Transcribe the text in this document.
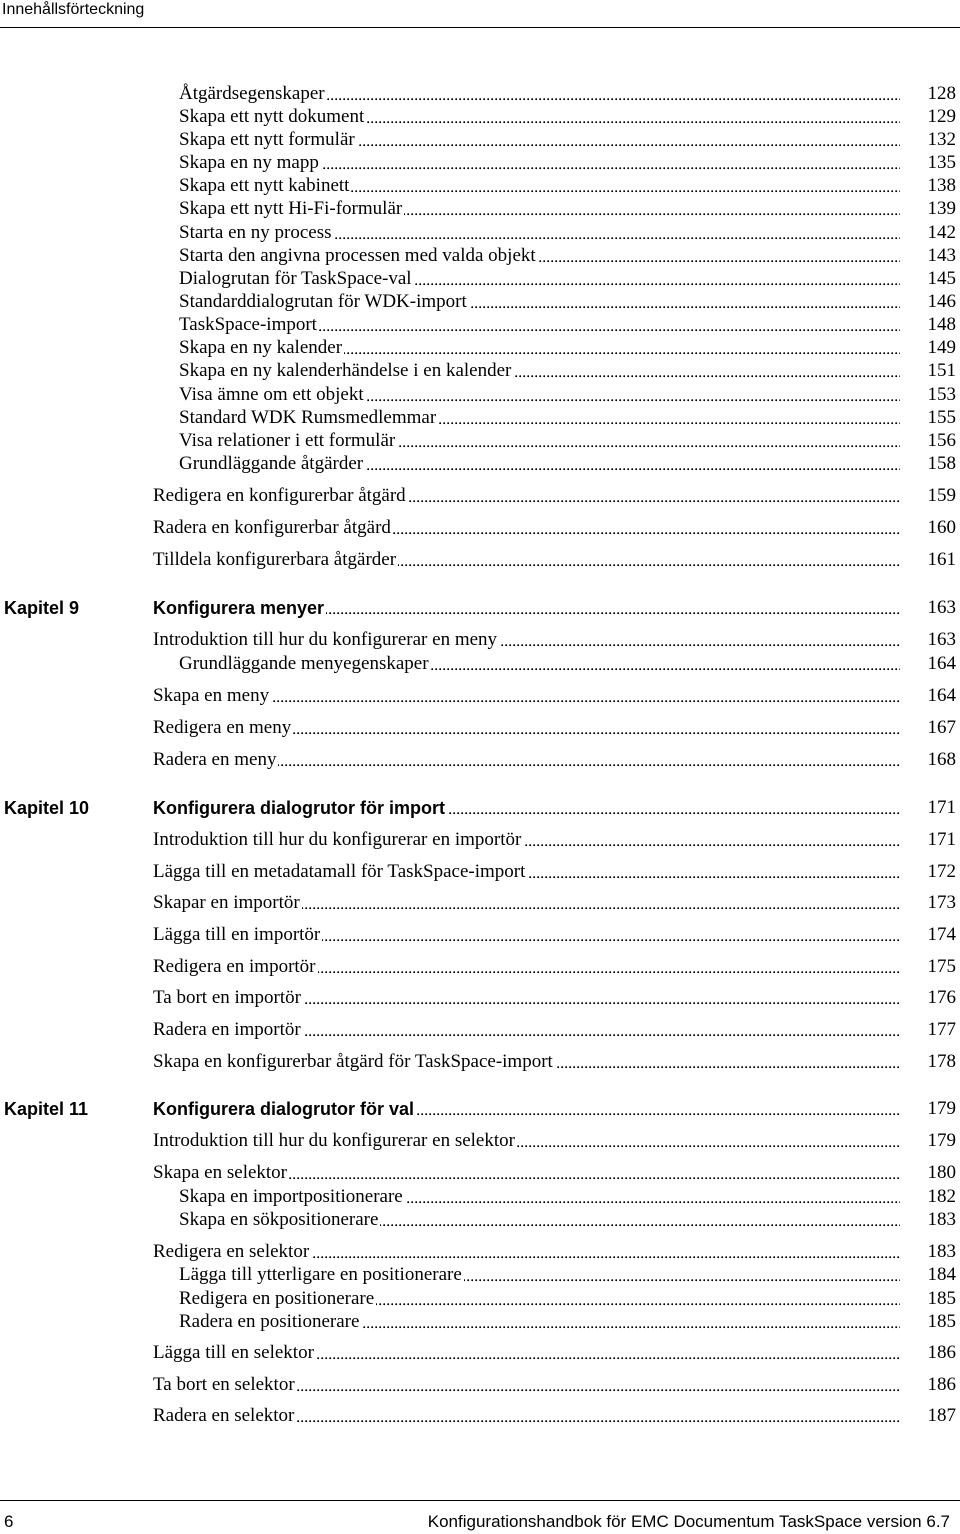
Innehållsförteckning
Åtgärdsegenskaper	128
Skapa ett nytt dokument	129
Skapa ett nytt formulär	132
Skapa en ny mapp	135
Skapa ett nytt kabinett	138
Skapa ett nytt Hi-Fi-formulär	139
Starta en ny process	142
Starta den angivna processen med valda objekt	143
Dialogrutan för TaskSpace-val	145
Standarddialogrutan för WDK-import	146
TaskSpace-import	148
Skapa en ny kalender	149
Skapa en ny kalenderhändelse i en kalender	151
Visa ämne om ett objekt	153
Standard WDK Rumsmedlemmar	155
Visa relationer i ett formulär	156
Grundläggande åtgärder	158
Redigera en konfigurerbar åtgärd	159
Radera en konfigurerbar åtgärd	160
Tilldela konfigurerbara åtgärder	161
Kapitel 9	Konfigurera menyer	163
Introduktion till hur du konfigurerar en meny	163
Grundläggande menyegenskaper	164
Skapa en meny	164
Redigera en meny	167
Radera en meny	168
Kapitel 10	Konfigurera dialogrutor för import	171
Introduktion till hur du konfigurerar en importör	171
Lägga till en metadatamall för TaskSpace-import	172
Skapar en importör	173
Lägga till en importör	174
Redigera en importör	175
Ta bort en importör	176
Radera en importör	177
Skapa en konfigurerbar åtgärd för TaskSpace-import	178
Kapitel 11	Konfigurera dialogrutor för val	179
Introduktion till hur du konfigurerar en selektor	179
Skapa en selektor	180
Skapa en importpositionerare	182
Skapa en sökpositionerare	183
Redigera en selektor	183
Lägga till ytterligare en positionerare	184
Redigera en positionerare	185
Radera en positionerare	185
Lägga till en selektor	186
Ta bort en selektor	186
Radera en selektor	187
6	Konfigurationshandbok för EMC Documentum TaskSpace version 6.7
